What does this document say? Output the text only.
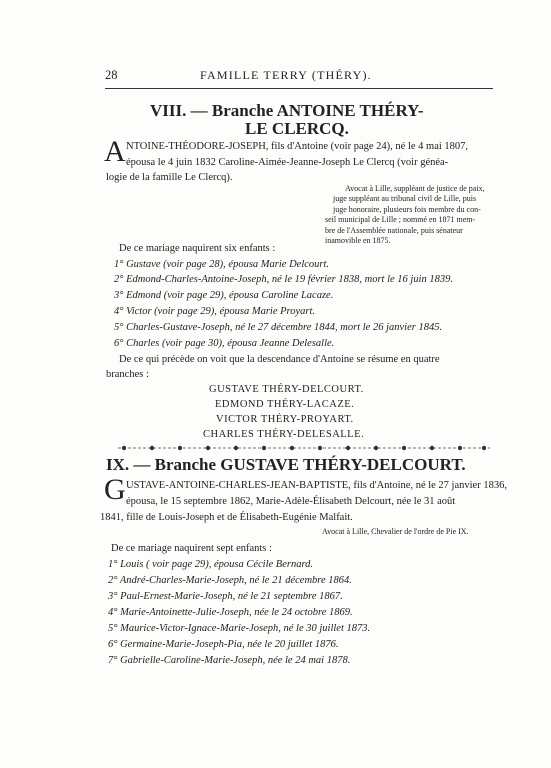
28	FAMILLE TERRY (THÉRY).
VIII. — Branche ANTOINE THÉRY-
LE CLERCQ.
A NTOINE-THÉODORE-JOSEPH, fils d'Antoine (voir page 24), né le 4 mai 1807,
épousa le 4 juin 1832 Caroline-Aimée-Jeanne-Joseph Le Clercq (voir généa-
logie de la famille Le Clercq).
Avocat à Lille, suppléant de justice de paix,
juge suppléant au tribunal civil de Lille, puis
juge honoraire, plusieurs fois membre du con-
seil municipal de Lille ; nommé en 1871 mem-
bre de l'Assemblée nationale, puis sénateur
inamovible en 1875.
De ce mariage naquirent six enfants :
1° Gustave (voir page 28), épousa Marie Delcourt.
2° Edmond-Charles-Antoine-Joseph, né le 19 février 1838, mort le 16 juin 1839.
3° Edmond (voir page 29), épousa Caroline Lacaze.
4° Victor (voir page 29), épousa Marie Proyart.
5° Charles-Gustave-Joseph, né le 27 décembre 1844, mort le 26 janvier 1845.
6° Charles (voir page 30), épousa Jeanne Delesalle.
De ce qui précède on voit que la descendance d'Antoine se résume en quatre
branches :
GUSTAVE THÉRY-DELCOURT.
EDMOND THÉRY-LACAZE.
VICTOR THÉRY-PROYART.
CHARLES THÉRY-DELESALLE.
IX. — Branche GUSTAVE THÉRY-DELCOURT.
G USTAVE-ANTOINE-CHARLES-JEAN-BAPTISTE, fils d'Antoine, né le 27 janvier 1836,
épousa, le 15 septembre 1862, Marie-Adèle-Élisabeth Delcourt, née le 31 août
1841, fille de Louis-Joseph et de Élisabeth-Eugénie Malfait.
Avocat à Lille, Chevalier de l'ordre de Pie IX.
De ce mariage naquirent sept enfants :
1° Louis ( voir page 29), épousa Cécile Bernard.
2° André-Charles-Marie-Joseph, né le 21 décembre 1864.
3° Paul-Ernest-Marie-Joseph, né le 21 septembre 1867.
4° Marie-Antoinette-Julie-Joseph, née le 24 octobre 1869.
5° Maurice-Victor-Ignace-Marie-Joseph, né le 30 juillet 1873.
6° Germaine-Marie-Joseph-Pia, née le 20 juillet 1876.
7° Gabrielle-Caroline-Marie-Joseph, née le 24 mai 1878.
